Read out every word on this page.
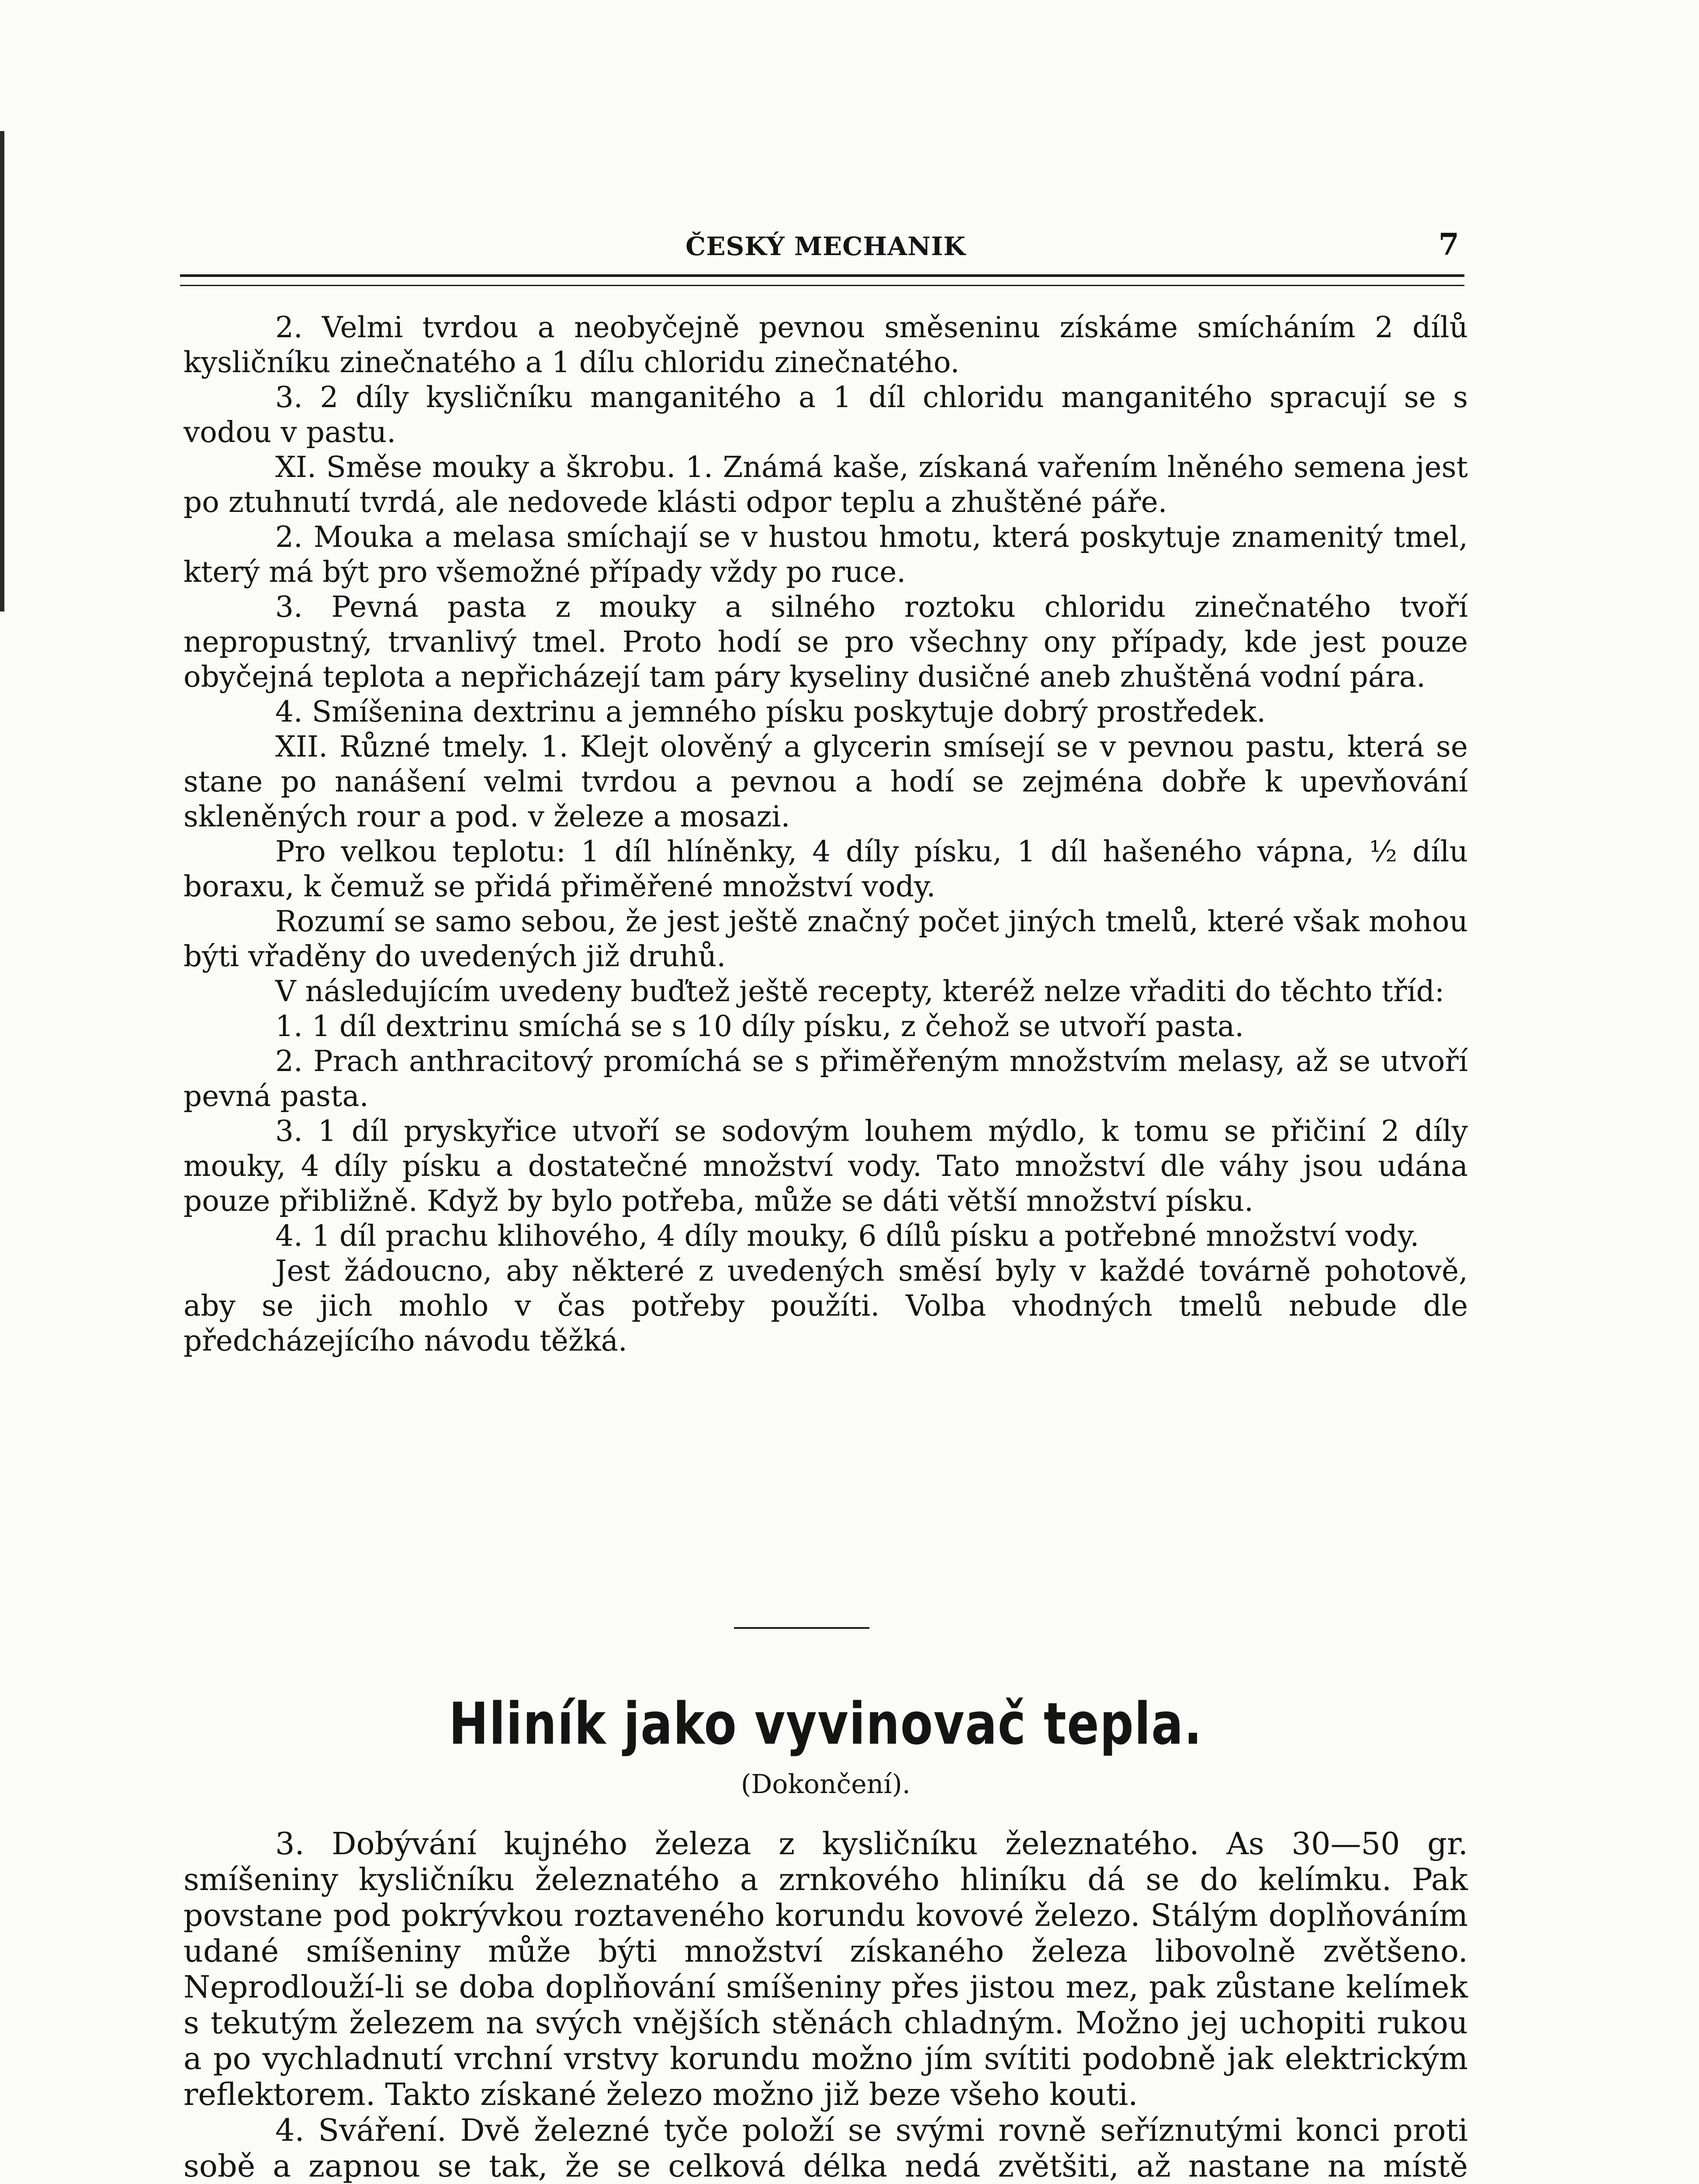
ČESKÝ MECHANIK	7

2. Velmi tvrdou a neobyčejně pevnou směseninu získáme smícháním 2 dílů kysličníku zinečnatého a 1 dílu chloridu zinečnatého.

3. 2 díly kysličníku manganitého a 1 díl chloridu manganitého spracují se s vodou v pastu.

XI. Směse mouky a škrobu. 1. Známá kaše, získaná vařením lněného semena jest po ztuhnutí tvrdá, ale nedovede klásti odpor teplu a zhuštěné páře.

2. Mouka a melasa smíchají se v hustou hmotu, která poskytuje znamenitý tmel, který má být pro všemožné případy vždy po ruce.

3. Pevná pasta z mouky a silného roztoku chloridu zinečnatého tvoří nepropustný, trvanlivý tmel. Proto hodí se pro všechny ony případy, kde jest pouze obyčejná teplota a nepřicházejí tam páry kyseliny dusičné aneb zhuštěná vodní pára.

4. Smíšenina dextrinu a jemného písku poskytuje dobrý prostředek.

XII. Různé tmely. 1. Klejt olověný a glycerin smísejí se v pevnou pastu, která se stane po nanášení velmi tvrdou a pevnou a hodí se zejména dobře k upevňování skleněných rour a pod. v železe a mosazi.

Pro velkou teplotu: 1 díl hlíněnky, 4 díly písku, 1 díl hašeného vápna, ½ dílu boraxu, k čemuž se přidá přiměřené množství vody.

Rozumí se samo sebou, že jest ještě značný počet jiných tmelů, které však mohou býti vřaděny do uvedených již druhů.

V následujícím uvedeny buďtež ještě recepty, kteréž nelze vřaditi do těchto tříd:

1. 1 díl dextrinu smíchá se s 10 díly písku, z čehož se utvoří pasta.

2. Prach anthracitový promíchá se s přiměřeným množstvím melasy, až se utvoří pevná pasta.

3. 1 díl pryskyřice utvoří se sodovým louhem mýdlo, k tomu se přičiní 2 díly mouky, 4 díly písku a dostatečné množství vody. Tato množství dle váhy jsou udána pouze přibližně. Když by bylo potřeba, může se dáti větší množství písku.

4. 1 díl prachu klihového, 4 díly mouky, 6 dílů písku a potřebné množství vody.

Jest žádoucno, aby některé z uvedených směsí byly v každé továrně pohotově, aby se jich mohlo v čas potřeby použíti. Volba vhodných tmelů nebude dle předcházejícího návodu těžká.

Hliník jako vyvinovač tepla.
(Dokončení).

3. Dobývání kujného železa z kysličníku železnatého. As 30—50 gr. smíšeniny kysličníku železnatého a zrnkového hliníku dá se do kelímku. Pak povstane pod pokrývkou roztaveného korundu kovové železo. Stálým doplňováním udané smíšeniny může býti množství získaného železa libovolně zvětšeno. Neprodlouží-li se doba doplňování smíšeniny přes jistou mez, pak zůstane kelímek s tekutým železem na svých vnějších stěnách chladným. Možno jej uchopiti rukou a po vychladnutí vrchní vrstvy korundu možno jím svítiti podobně jak elektrickým reflektorem. Takto získané železo možno již beze všeho kouti.

4. Sváření. Dvě železné tyče položí se svými rovně seříznutými konci proti sobě a zapnou se tak, že se celková délka nedá zvětšiti, až nastane na místě
